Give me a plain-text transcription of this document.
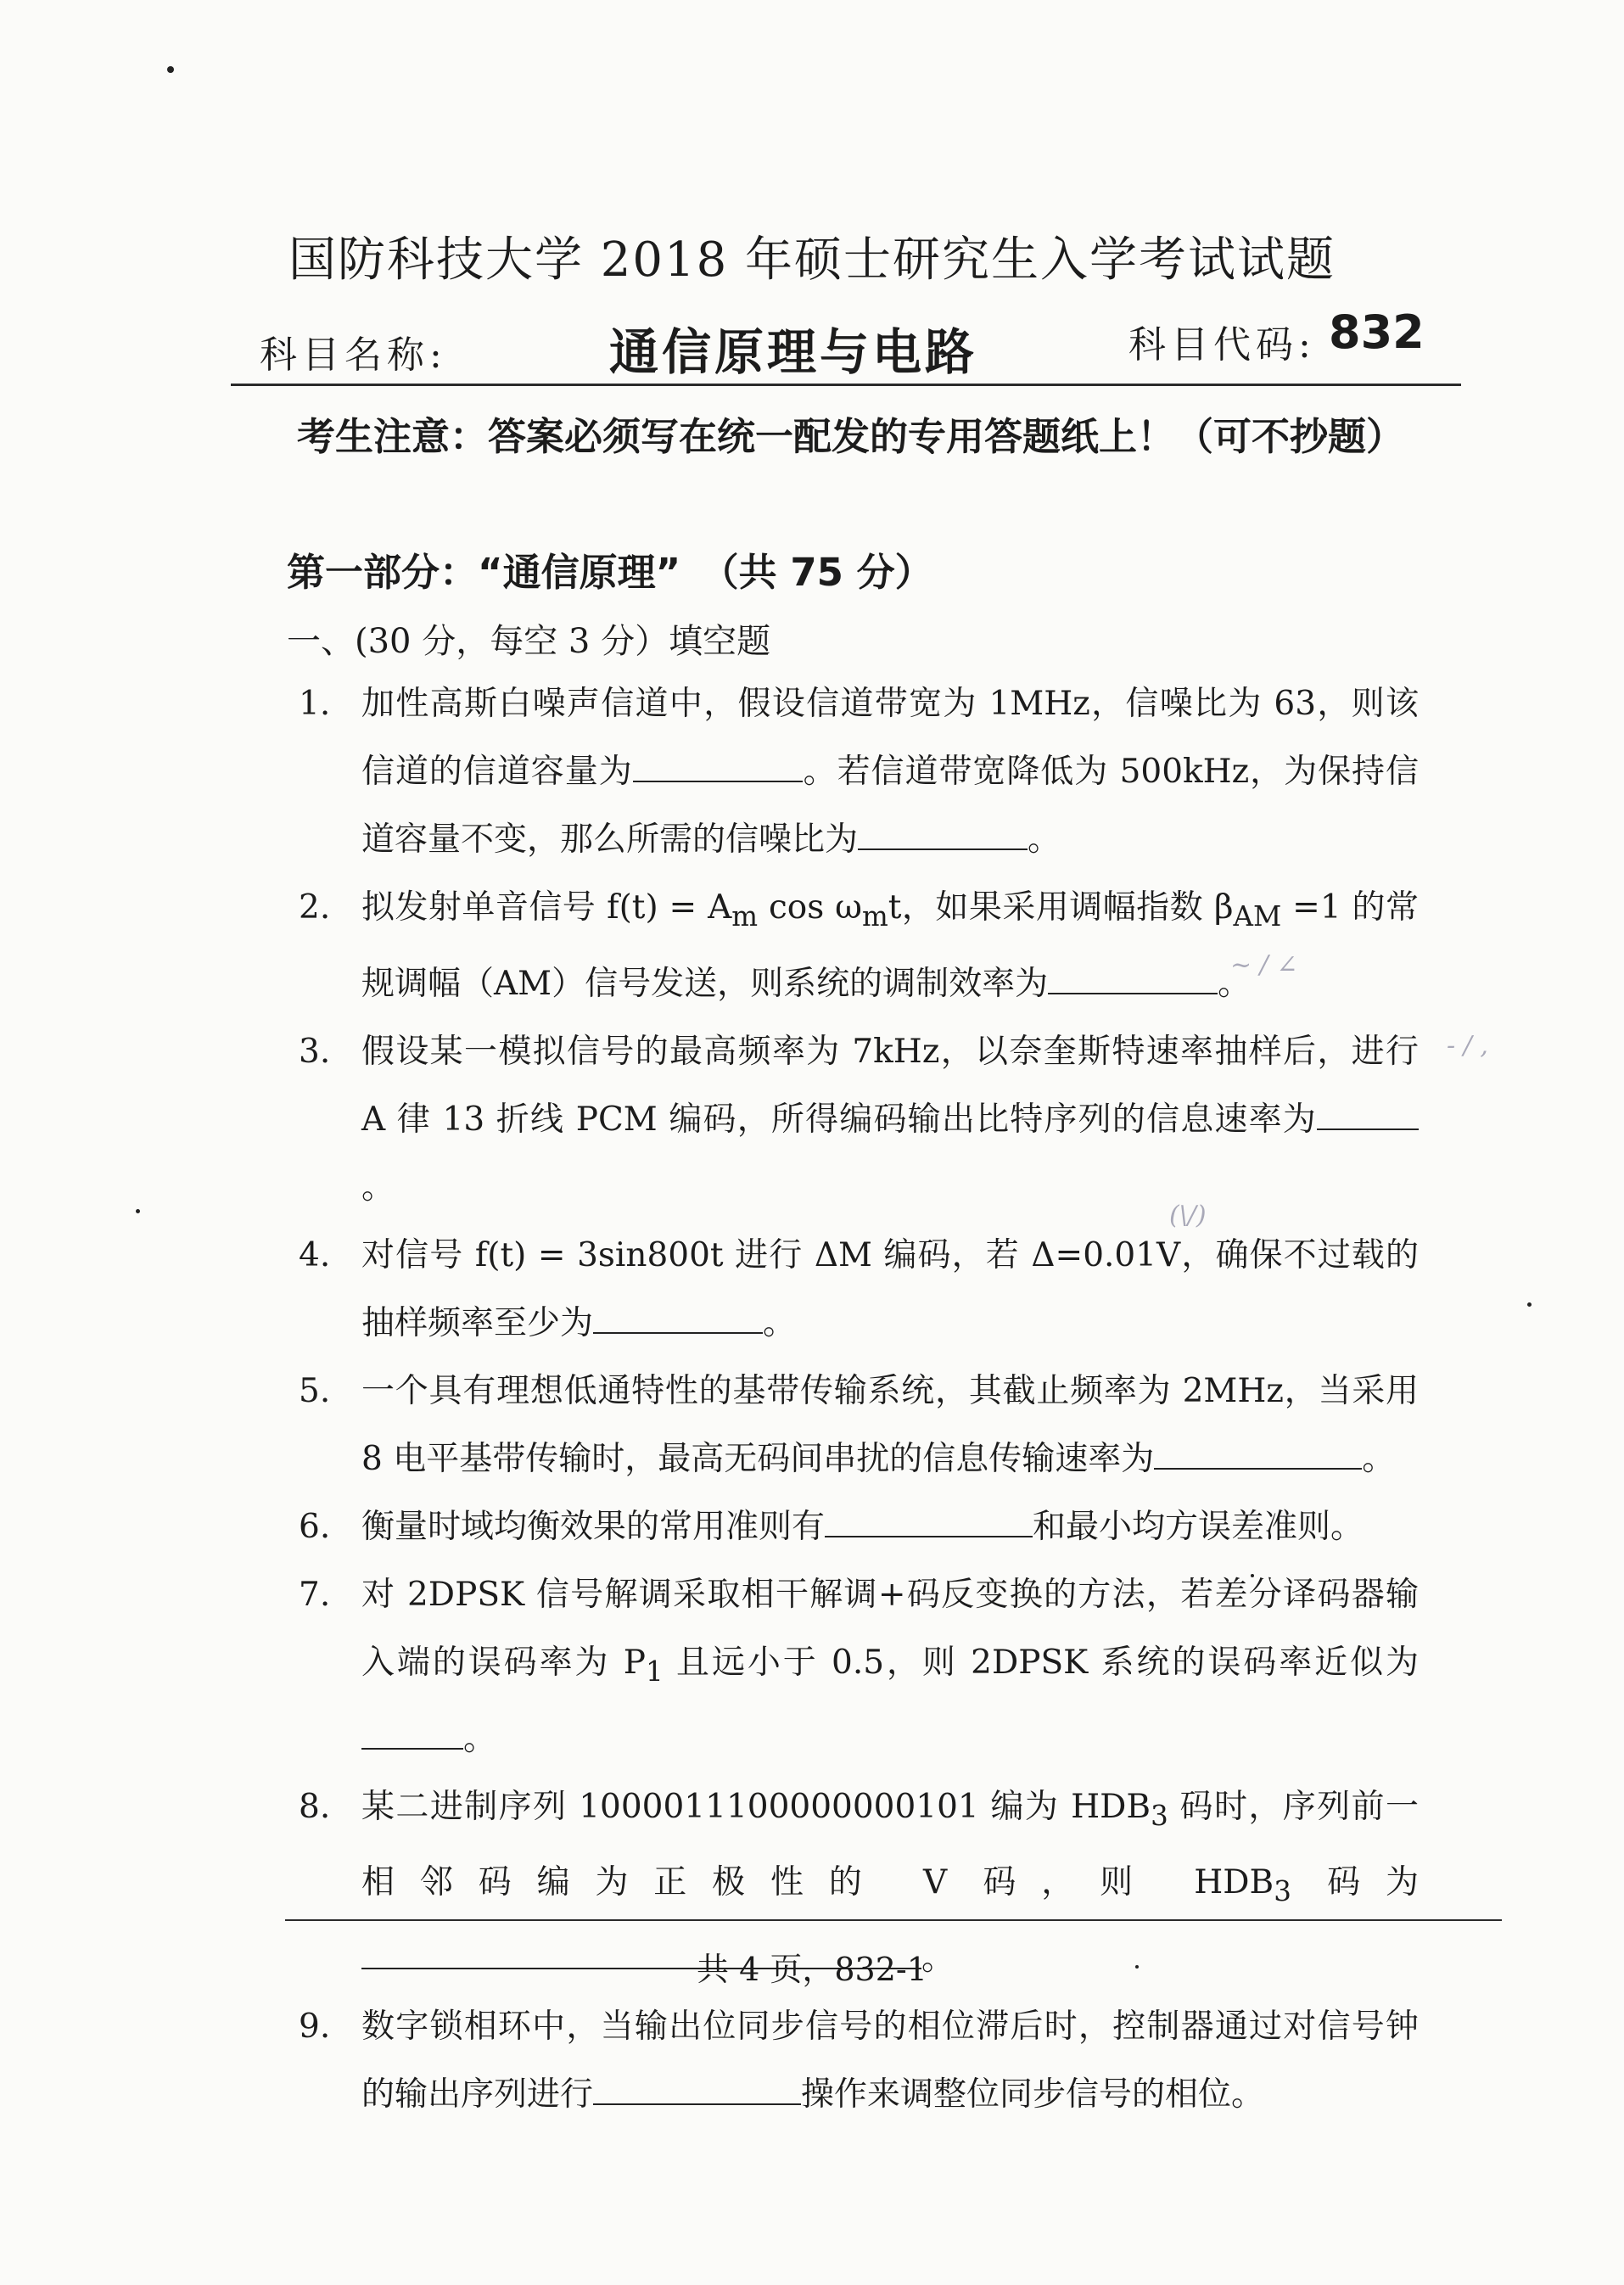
~ ∕ ∠
- ∕ ,
(\/)
国防科技大学 2018 年硕士研究生入学考试试题
科目名称:	通信原理与电路	科目代码: 832
考生注意：答案必须写在统一配发的专用答题纸上！（可不抄题）
第一部分：“通信原理” （共 75 分）
一、(30 分，每空 3 分）填空题
1. 加性高斯白噪声信道中，假设信道带宽为 1MHz，信噪比为 63，则该信道的信道容量为	。若信道带宽降低为 500kHz，为保持信道容量不变，那么所需的信噪比为	。
2. 拟发射单音信号 $f(t) = A_m$ $\cos \omega_mt$，如果采用调幅指数 $\beta_{AM} =1$ 的常规调幅（AM）信号发送，则系统的调制效率为	。
3. 假设某一模拟信号的最高频率为 7kHz，以奈奎斯特速率抽样后，进行 A 律 13 折线 PCM 编码，所得编码输出比特序列的信息速率为。
4. 对信号 f(t) = 3sin800t 进行 ΔM 编码，若 Δ=0.01V，确保不过载的抽样频率至少为	。
5. 一个具有理想低通特性的基带传输系统，其截止频率为 2MHz，当采用 8 电平基带传输时，最高无码间串扰的信息传输速率为	。
6. 衡量时域均衡效果的常用准则有	和最小均方误差准则。
7. 对 2DPSK 信号解调采取相干解调+码反变换的方法，若差分译码器输入端的误码率为 $P_1$ 且远小于 0.5，则 2DPSK 系统的误码率近似为。
8. 某二进制序列 1000011100000000101 编为 $HDB_3$ 码时，序列前一相邻码编为正极性的 V 码，则 $HDB_3$ 码为。
9. 数字锁相环中，当输出位同步信号的相位滞后时，控制器通过对信号钟的输出序列进行	操作来调整位同步信号的相位。
共 4 页，832-1
